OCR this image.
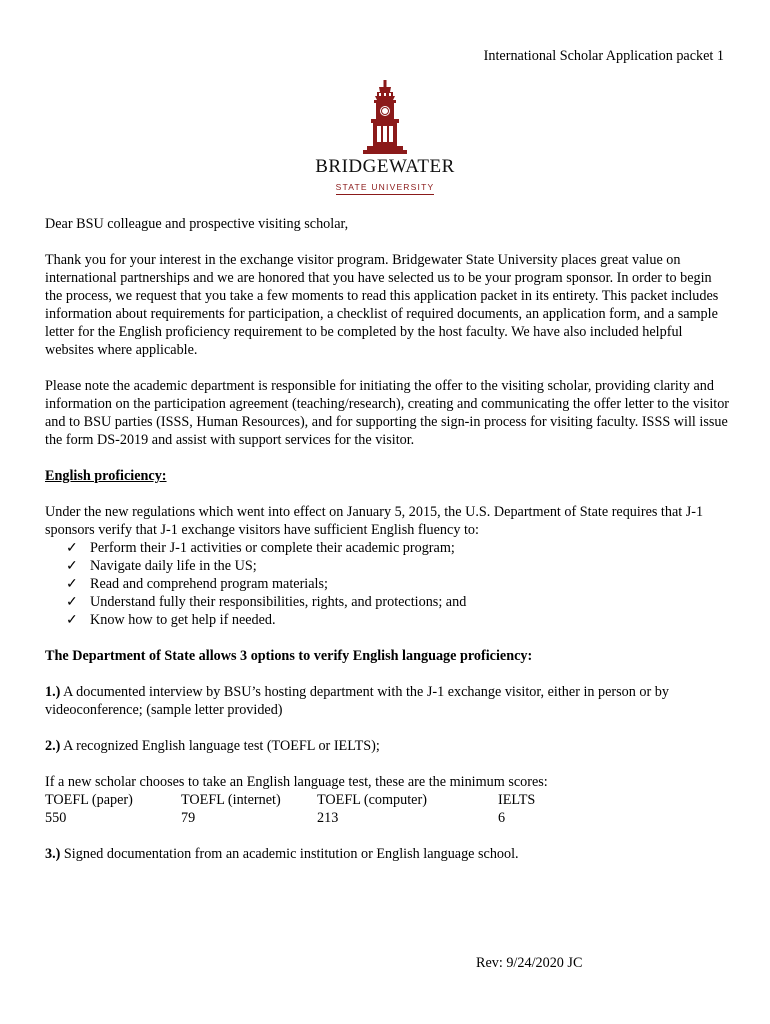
International Scholar Application packet 1
BRIDGEWATER
STATE UNIVERSITY

Dear BSU colleague and prospective visiting scholar,

Thank you for your interest in the exchange visitor program. Bridgewater State University places great value on international partnerships and we are honored that you have selected us to be your program sponsor. In order to begin the process, we request that you take a few moments to read this application packet in its entirety. This packet includes information about requirements for participation, a checklist of required documents, an application form, and a sample letter for the English proficiency requirement to be completed by the host faculty. We have also included helpful websites where applicable.

Please note the academic department is responsible for initiating the offer to the visiting scholar, providing clarity and information on the participation agreement (teaching/research), creating and communicating the offer letter to the visitor and to BSU parties (ISSS, Human Resources), and for supporting the sign-in process for visiting faculty. ISSS will issue the form DS-2019 and assist with support services for the visitor.

English proficiency:

Under the new regulations which went into effect on January 5, 2015, the U.S. Department of State requires that J-1 sponsors verify that J-1 exchange visitors have sufficient English fluency to:

✓ Perform their J-1 activities or complete their academic program;
✓ Navigate daily life in the US;
✓ Read and comprehend program materials;
✓ Understand fully their responsibilities, rights, and protections; and
✓ Know how to get help if needed.

The Department of State allows 3 options to verify English language proficiency:

1.) A documented interview by BSU’s hosting department with the J-1 exchange visitor, either in person or by videoconference; (sample letter provided)

2.) A recognized English language test (TOEFL or IELTS);

If a new scholar chooses to take an English language test, these are the minimum scores:

TOEFL (paper)	TOEFL (internet)	TOEFL (computer)	IELTS
550	79	213	6

3.) Signed documentation from an academic institution or English language school.

Rev: 9/24/2020 JC
